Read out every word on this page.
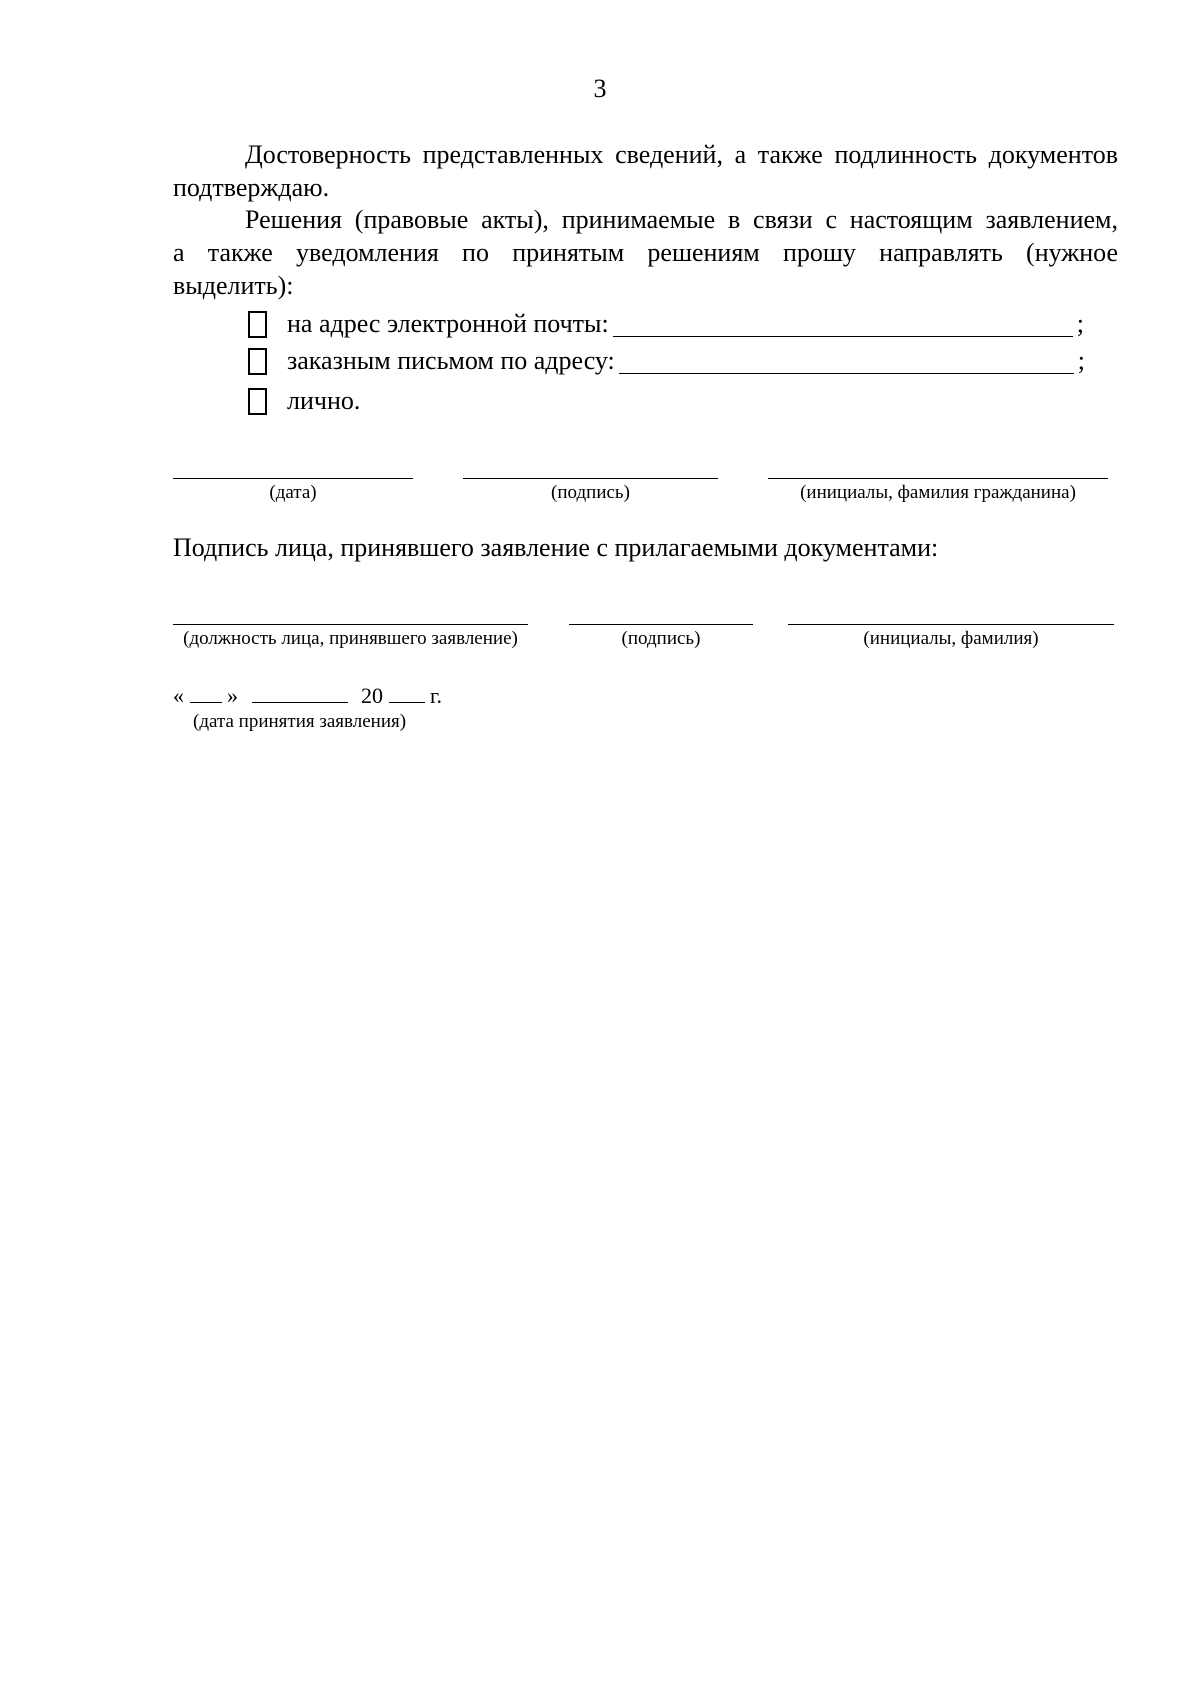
3

Достоверность представленных сведений, а также подлинность документов подтверждаю.

Решения (правовые акты), принимаемые в связи с настоящим заявлением,
а также уведомления по принятым решениям прошу направлять (нужное
выделить):
на адрес электронной почты:	;
заказным письмом по адресу:	;
лично.
(дата)	(подпись)	(инициалы, фамилия гражданина)
Подпись лица, принявшего заявление с прилагаемыми документами:
(должность лица, принявшего заявление)	(подпись)	(инициалы, фамилия)
« »	20 г.
(дата принятия заявления)
